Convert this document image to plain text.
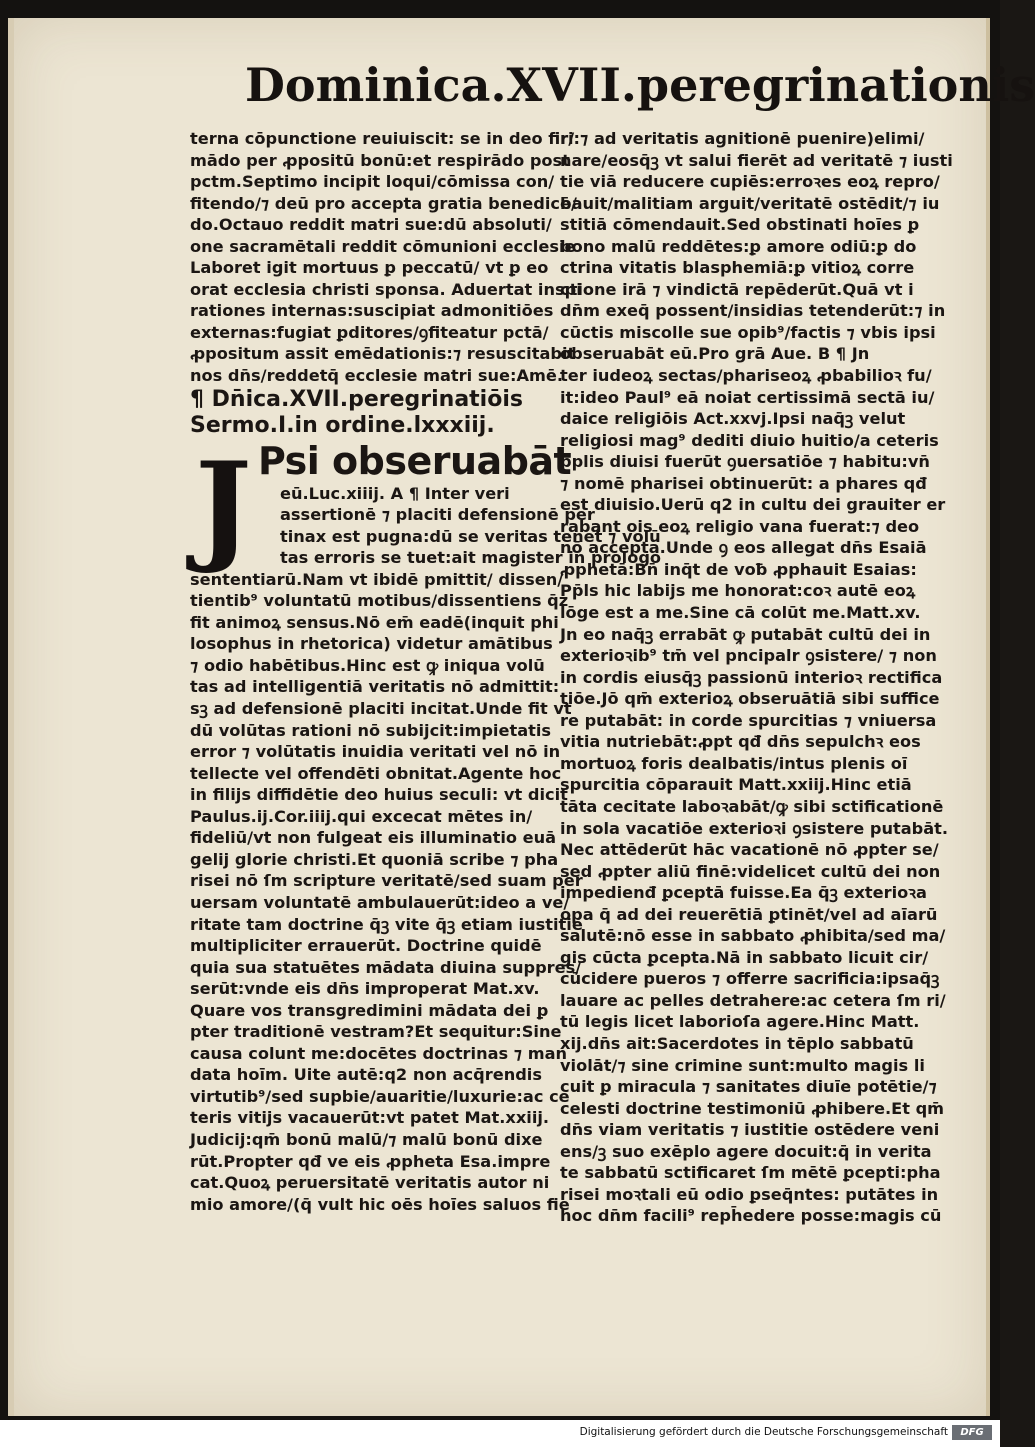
Dominica.XVII.peregrinationis
J
terna cōpunctione reuiuiscit: se in deo fir/
mādo per ꝓpositū bonū:et respirādo post
pctm.Septimo incipit loqui/cōmissa con/
fitendo/⁊ deū pro accepta gratia benedicē/
do.Octauo reddit matri sue:dū absoluti/
one sacramētali reddit cōmunioni ecclesie
Laboret igit mortuus ꝑ peccatū/ vt ꝑ eo
orat ecclesia christi sponsa. Aduertat inspi
rationes internas:suscipiat admonitiōes
externas:fugiat ꝑditores/ꝯfiteatur pctā/
ꝓpositum assit emēdationis:⁊ resuscitabit
nos dn̄s/reddetq̄ ecclesie matri sue:Amē.
¶ Dn̄ica.XVII.peregrinatiōis
Sermo.I.in ordine.lxxxiij.
Psi obseruabāt
eū.Luc.xiiij. A ¶ Inter veri
assertionē ⁊ placiti defensionē per
tinax est pugna:dū se veritas tenet ⁊ volū
tas erroris se tuet:ait magister in prologo
sententiarū.Nam vt ibidē pmittit/ dissen/
tientib⁹ voluntatū motibus/dissentiens q̄z
fit animoꝝ sensus.Nō em̄ eadē(inquit phi
losophus in rhetorica) videtur amātibus
⁊ odio habētibus.Hinc est ꝙ iniqua volū
tas ad intelligentiā veritatis nō admittit:
sꝫ ad defensionē placiti incitat.Unde fit vt
dū volūtas rationi nō subijcit:impietatis
error ⁊ volūtatis inuidia veritati vel nō in
tellecte vel offendēti obnitat.Agente hoc
in filijs diffidētie deo huius seculi: vt dicit
Paulus.ij.Cor.iiij.qui excecat mētes in/
fideliū/vt non fulgeat eis illuminatio euā
gelij glorie christi.Et quoniā scribe ⁊ pha
risei nō ſm scripture veritatē/sed suam per
uersam voluntatē ambulauerūt:ideo a ve/
ritate tam doctrine q̄ꝫ vite q̄ꝫ etiam iustitie
multipliciter errauerūt. Doctrine quidē
quia sua statuētes mādata diuina suppres/
serūt:vnde eis dn̄s improperat Mat.xv.
Quare vos transgredimini mādata dei ꝑ
pter traditionē vestram?Et sequitur:Sine
causa colunt me:docētes doctrinas ⁊ man
data hoīm. Uite autē:q2 non acq̄rendis
virtutib⁹/sed supbie/auaritie/luxurie:ac ce
teris vitijs vacauerūt:vt patet Mat.xxiij.
Judicij:qm̄ bonū malū/⁊ malū bonū dixe
rūt.Propter qđ ve eis ꝓpheta Esa.impre
cat.Quoꝝ peruersitatē veritatis autor ni
mio amore/(q̄ vult hic oēs hoīes saluos fie
ri:⁊ ad veritatis agnitionē puenire)elimi/
nare/eosq̄ꝫ vt salui fierēt ad veritatē ⁊ iusti
tie viā reducere cupiēs:erroꝛes eoꝝ repro/
bauit/malitiam arguit/veritatē ostēdit/⁊ iu
stitiā cōmendauit.Sed obstinati hoīes ꝑ
bono malū reddētes:ꝑ amore odiū:ꝑ do
ctrina vitatis blasphemiā:ꝑ vitioꝝ corre
ctione irā ⁊ vindictā repēderūt.Quā vt i
dn̄m exeq̄ possent/insidias tetenderūt:⁊ in
cūctis miscolle sue opib⁹/factis ⁊ vbis ipsi
obseruabāt eū.Pro grā Aue. B ¶ Jn
ter iudeoꝝ sectas/phariseoꝝ ꝓbabilioꝛ fu/
it:ideo Paul⁹ eā noiat certissimā sectā iu/
daice religiōis Act.xxvj.Ipsi naq̄ꝫ velut
religiosi mag⁹ dediti diuio huitio/a ceteris
pplis diuisi fuerūt ꝯuersatiōe ⁊ habitu:vn̄
⁊ nomē pharisei obtinuerūt: a phares qđ
est diuisio.Uerū q2 in cultu dei grauiter er
rabant ois eoꝝ religio vana fuerat:⁊ deo
nō accepta.Unde ꝯ eos allegat dn̄s Esaiā
ꝓphetā:Bn̄ inq̄t de voƀ ꝓphauit Esaias:
Pp̄ls hic labijs me honorat:coꝛ autē eoꝝ
lōge est a me.Sine cā colūt me.Matt.xv.
Jn eo naq̄ꝫ errabāt ꝙ putabāt cultū dei in
exterioꝛib⁹ tm̄ vel pncipalr ꝯsistere/ ⁊ non
in cordis eiusq̄ꝫ passionū interioꝛ rectifica
tiōe.Jō qm̄ exterioꝝ obseruātiā sibi suffice
re putabāt: in corde spurcitias ⁊ vniuersa
vitia nutriebāt:ꝓpt qđ dn̄s sepulchꝛ eos
mortuoꝝ foris dealbatis/intus plenis oī
spurcitia cōparauit Matt.xxiij.Hinc etiā
tāta cecitate laboꝛabāt/ꝙ sibi sctificationē
in sola vacatiōe exterioꝛi ꝯsistere putabāt.
Nec attēderūt hāc vacationē nō ꝓpter se/
sed ꝓpter aliū finē:videlicet cultū dei non
impedienđ ꝑceptā fuisse.Ea q̄ꝫ exterioꝛa
opa q̄ ad dei reuerētiā ꝑtinēt/vel ad aīarū
salutē:nō esse in sabbato ꝓhibita/sed ma/
gis cūcta ꝑcepta.Nā in sabbato licuit cir/
cūcidere pueros ⁊ offerre sacrificia:ipsaq̄ꝫ
lauare ac pelles detrahere:ac cetera ſm ri/
tū legis licet laborioſa agere.Hinc Matt.
xij.dn̄s ait:Sacerdotes in tēplo sabbatū
violāt/⁊ sine crimine sunt:multo magis li
cuit ꝑ miracula ⁊ sanitates diuīe potētie/⁊
celesti doctrine testimoniū ꝓhibere.Et qm̄
dn̄s viam veritatis ⁊ iustitie ostēdere veni
ens/ꝫ suo exēplo agere docuit:q̄ in verita
te sabbatū sctificaret ſm mētē ꝑcepti:pha
risei moꝛtali eū odio ꝑseq̄ntes: putātes in
hoc dn̄m facili⁹ reph̄edere posse:magis cū
Digitalisierung gefördert durch die Deutsche Forschungsgemeinschaft	DFG
